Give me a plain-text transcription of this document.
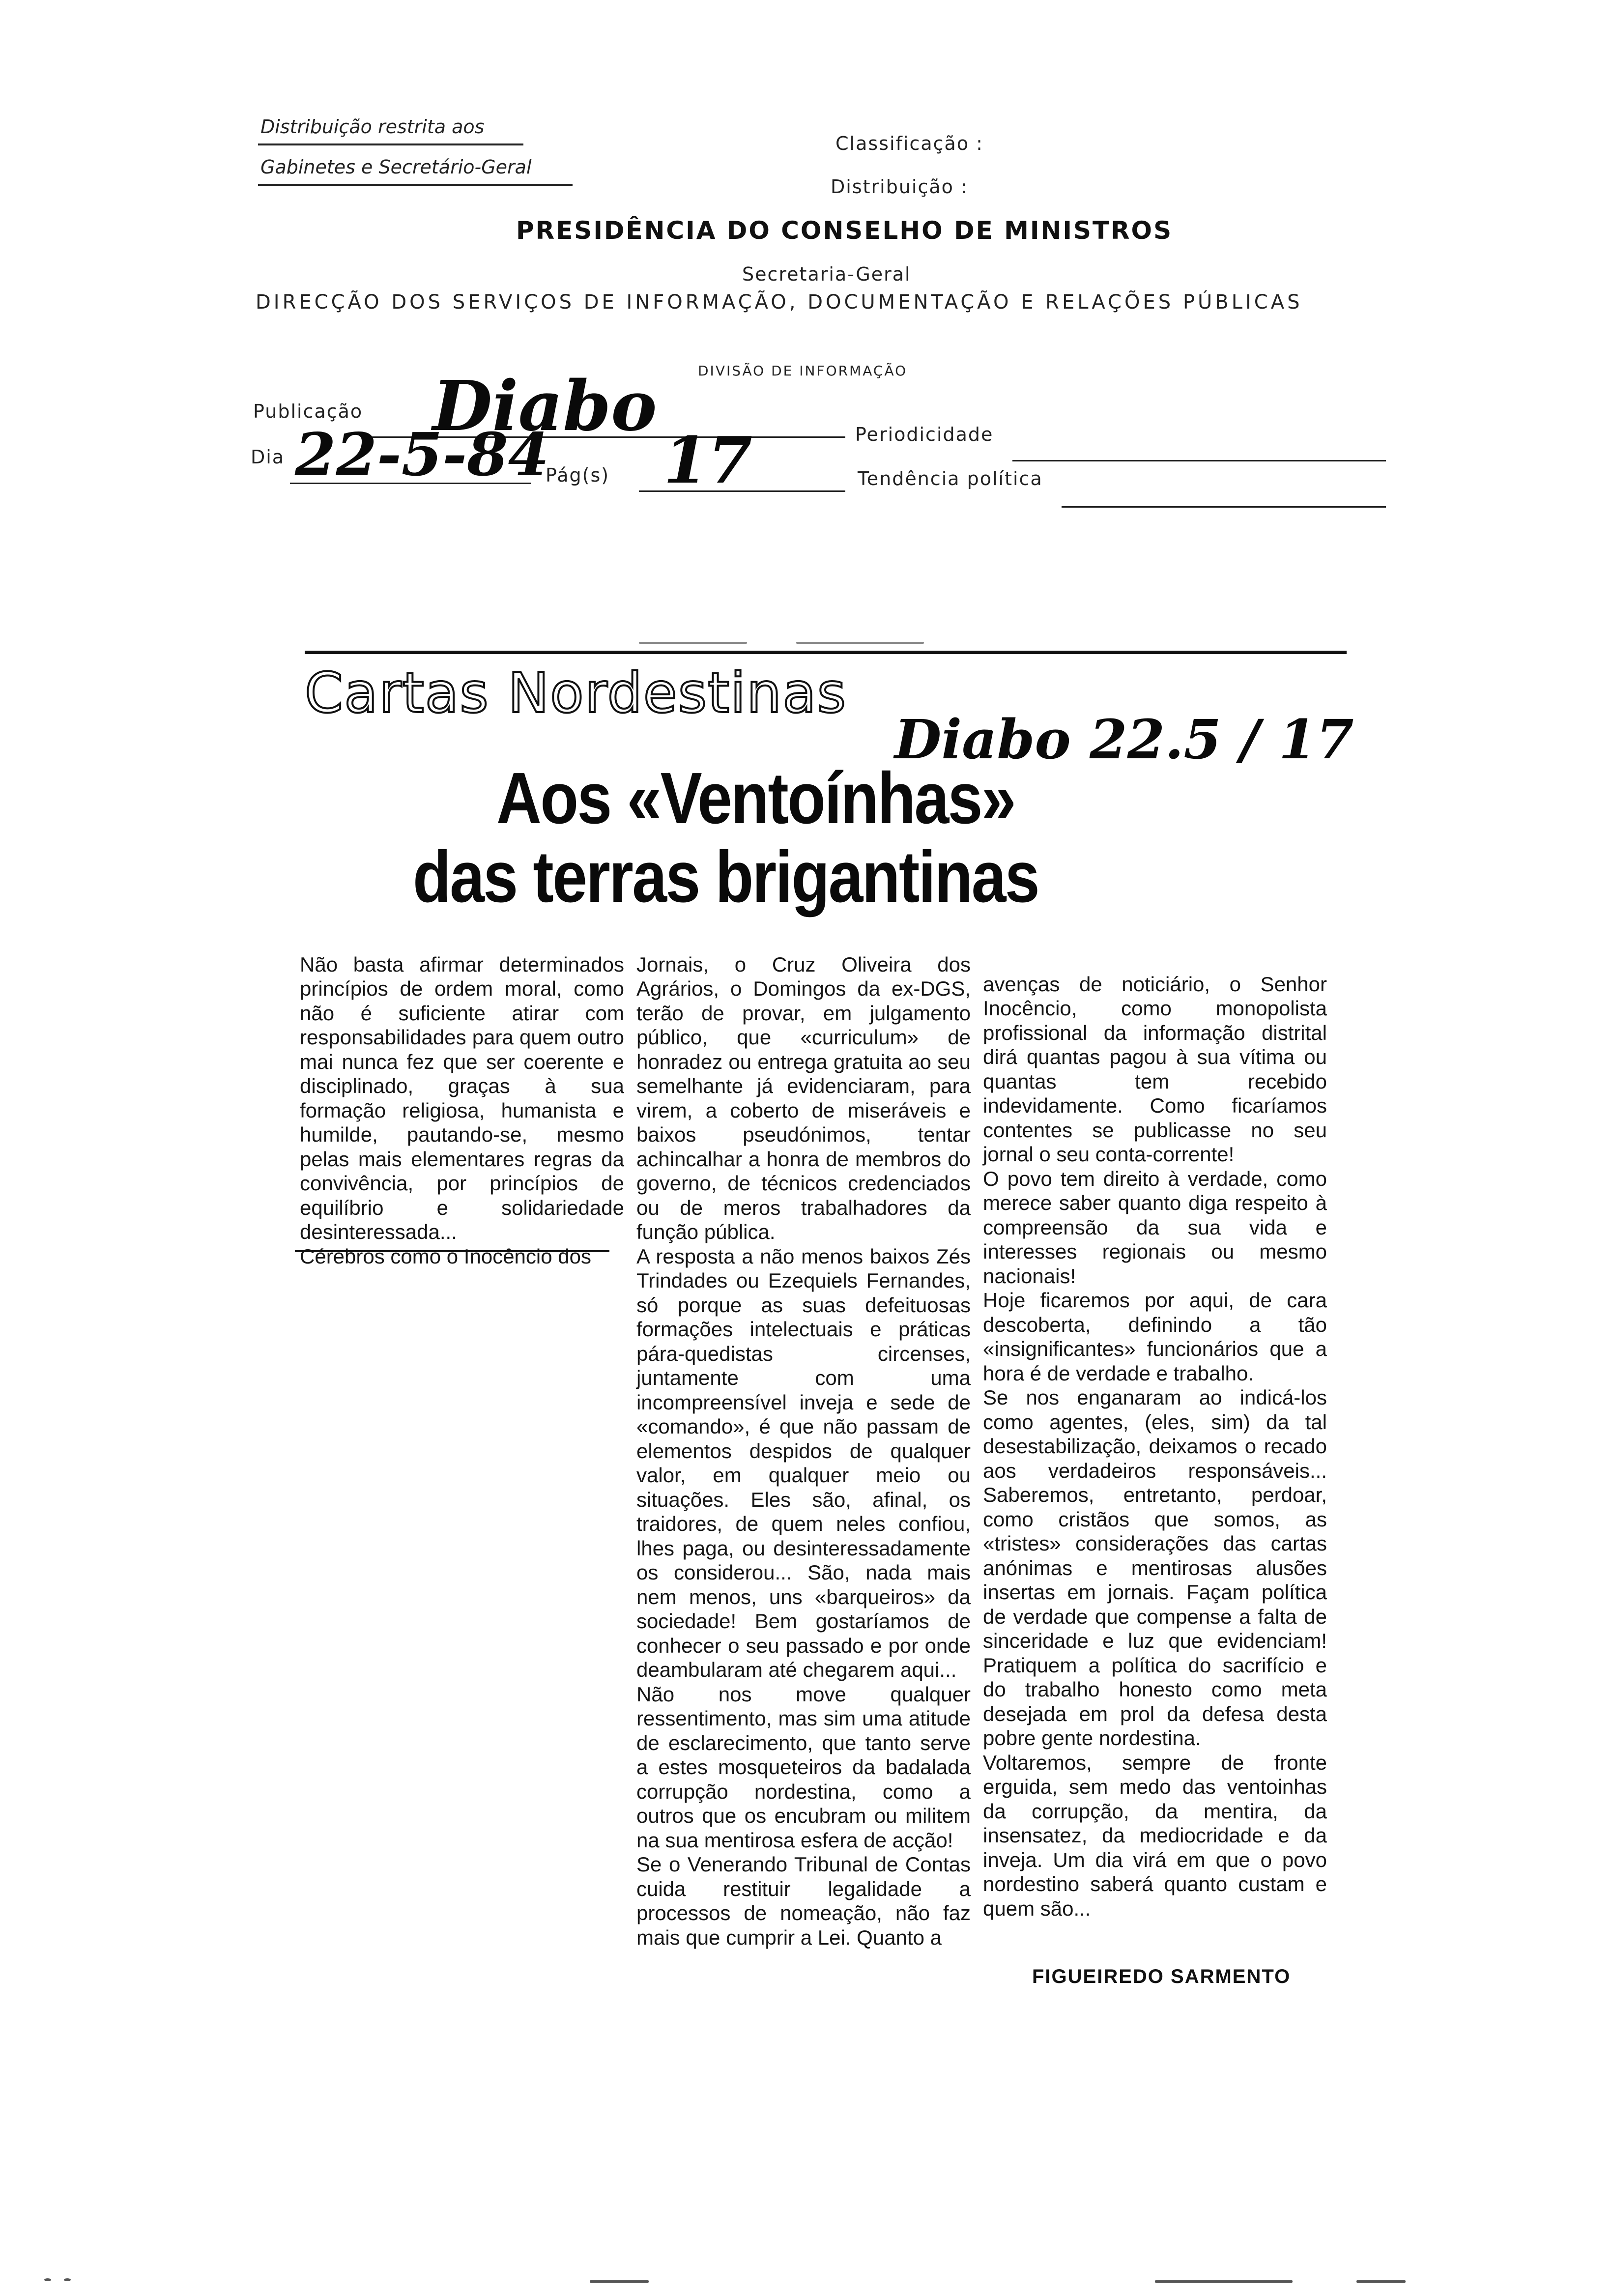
Distribuição restrita aos
Gabinetes e Secretário-Geral
Classificação :
Distribuição :
PRESIDÊNCIA DO CONSELHO DE MINISTROS
Secretaria-Geral
DIRECÇÃO DOS SERVIÇOS DE INFORMAÇÃO, DOCUMENTAÇÃO E RELAÇÕES PÚBLICAS
DIVISÃO DE INFORMAÇÃO
Publicação Diabo	Periodicidade
Dia 22-5-84
Pág(s) 17	Tendência política
Cartas Nordestinas
Diabo 22.5 / 17
Aos «Ventoínhas»
das terras brigantinas

Não basta afirmar determinados princípios de ordem moral, como não é suficiente atirar com responsabilidades para quem outro mai nunca fez que ser coerente e disciplinado, graças à sua formação religiosa, humanista e humilde, pautando-se, mesmo pelas mais elementares regras da convivência, por princípios de equilíbrio e solidariedade desinteressada...
Cérebros como o Inocêncio dos

Jornais, o Cruz Oliveira dos Agrários, o Domingos da ex-DGS, terão de provar, em julgamento público, que «curriculum» de honradez ou entrega gratuita ao seu semelhante já evidenciaram, para virem, a coberto de miseráveis e baixos pseudónimos, tentar achincalhar a honra de membros do governo, de técnicos credenciados ou de meros trabalhadores da função pública.
A resposta a não menos baixos Zés Trindades ou Ezequiels Fernandes, só porque as suas defeituosas formações intelectuais e práticas pára-quedistas circenses, juntamente com uma incompreensível inveja e sede de «comando», é que não passam de elementos despidos de qualquer valor, em qualquer meio ou situações. Eles são, afinal, os traidores, de quem neles confiou, lhes paga, ou desinteressadamente os considerou... São, nada mais nem menos, uns «barqueiros» da sociedade! Bem gostaríamos de conhecer o seu passado e por onde deambularam até chegarem aqui...
Não nos move qualquer ressentimento, mas sim uma atitude de esclarecimento, que tanto serve a estes mosqueteiros da badalada corrupção nordestina, como a outros que os encubram ou militem na sua mentirosa esfera de acção!
Se o Venerando Tribunal de Contas cuida restituir legalidade a processos de nomeação, não faz mais que cumprir a Lei. Quanto a

avenças de noticiário, o Senhor Inocêncio, como monopolista profissional da informação distrital dirá quantas pagou à sua vítima ou quantas tem recebido indevidamente. Como ficaríamos contentes se publicasse no seu jornal o seu conta-corrente!
O povo tem direito à verdade, como merece saber quanto diga respeito à compreensão da sua vida e interesses regionais ou mesmo nacionais!
Hoje ficaremos por aqui, de cara descoberta, definindo a tão «insignificantes» funcionários que a hora é de verdade e trabalho.
Se nos enganaram ao indicá-los como agentes, (eles, sim) da tal desestabilização, deixamos o recado aos verdadeiros responsáveis... Saberemos, entretanto, perdoar, como cristãos que somos, as «tristes» considerações das cartas anónimas e mentirosas alusões insertas em jornais. Façam política de verdade que compense a falta de sinceridade e luz que evidenciam! Pratiquem a política do sacrifício e do trabalho honesto como meta desejada em prol da defesa desta pobre gente nordestina.
Voltaremos, sempre de fronte erguida, sem medo das ventoinhas da corrupção, da mentira, da insensatez, da mediocridade e da inveja. Um dia virá em que o povo nordestino saberá quanto custam e quem são...

FIGUEIREDO SARMENTO
